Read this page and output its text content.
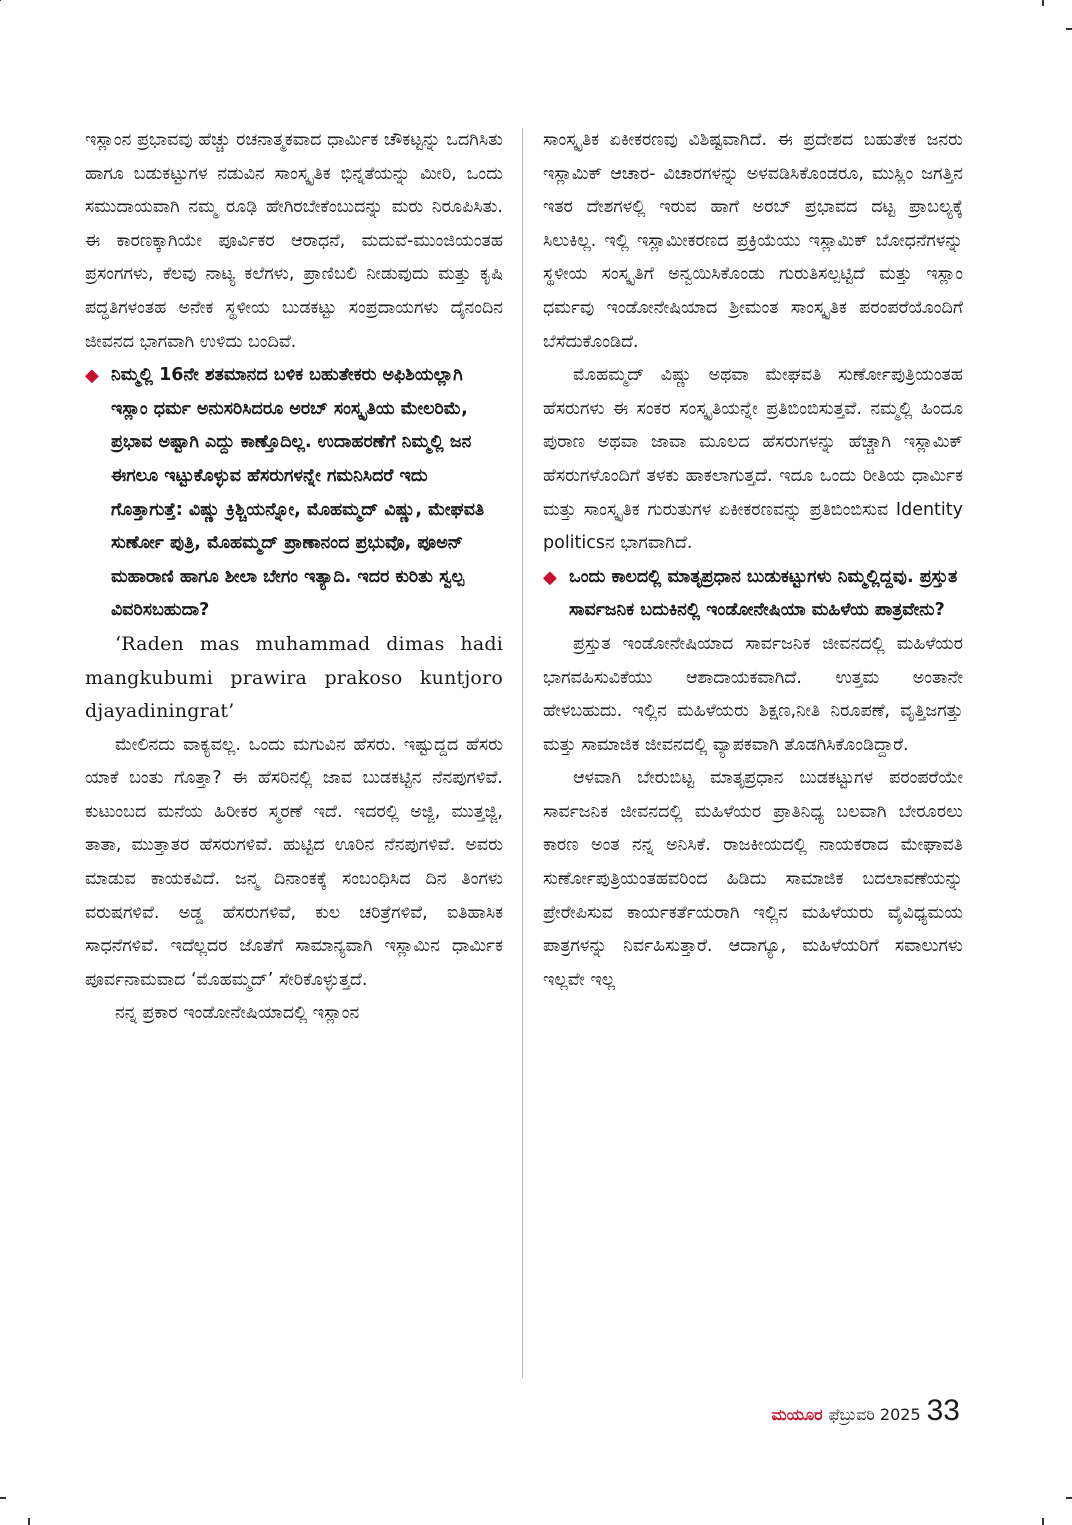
ಇಸ್ಲಾಂನ ಪ್ರಭಾವವು ಹೆಚ್ಚು ರಚನಾತ್ಮಕವಾದ ಧಾರ್ಮಿಕ ಚೌಕಟ್ಟನ್ನು ಒದಗಿಸಿತು ಹಾಗೂ ಬಡುಕಟ್ಟುಗಳ ನಡುವಿನ ಸಾಂಸ್ಕೃತಿಕ ಭಿನ್ನತೆಯನ್ನು ಮೀರಿ, ಒಂದು ಸಮುದಾಯವಾಗಿ ನಮ್ಮ ರೂಢಿ ಹೇಗಿರಬೇಕೆಂಬುದನ್ನು ಮರು ನಿರೂಪಿಸಿತು. ಈ ಕಾರಣಕ್ಕಾಗಿಯೇ ಪೂರ್ವಿಕರ ಆರಾಧನೆ, ಮದುವೆ-ಮುಂಜಿಯಂತಹ ಪ್ರಸಂಗಗಳು, ಕೆಲವು ನಾಟ್ಯ ಕಲೆಗಳು, ಪ್ರಾಣಿಬಲಿ ನೀಡುವುದು ಮತ್ತು ಕೃಷಿ ಪದ್ಧತಿಗಳಂತಹ ಅನೇಕ ಸ್ಥಳೀಯ ಬುಡಕಟ್ಟು ಸಂಪ್ರದಾಯಗಳು ದೈನಂದಿನ ಜೀವನದ ಭಾಗವಾಗಿ ಉಳಿದು ಬಂದಿವೆ.

◆ ನಿಮ್ಮಲ್ಲಿ 16ನೇ ಶತಮಾನದ ಬಳಿಕ ಬಹುತೇಕರು ಅಫಿಶಿಯಲ್ಲಾಗಿ ಇಸ್ಲಾಂ ಧರ್ಮ ಅನುಸರಿಸಿದರೂ ಅರಬ್ ಸಂಸ್ಕೃತಿಯ ಮೇಲರಿಮೆ, ಪ್ರಭಾವ ಅಷ್ಟಾಗಿ ಎದ್ದು ಕಾಣ್ತೊದಿಲ್ಲ. ಉದಾಹರಣೆಗೆ ನಿಮ್ಮಲ್ಲಿ ಜನ ಈಗಲೂ ಇಟ್ಟುಕೊಳ್ಳುವ ಹೆಸರುಗಳನ್ನೇ ಗಮನಿಸಿದರೆ ಇದು ಗೊತ್ತಾಗುತ್ತೆ: ವಿಷ್ಣು ಕ್ರಿಶ್ಚಿಯನ್ನೋ, ಮೊಹಮ್ಮದ್ ವಿಷ್ಣು, ಮೇಘವತಿ ಸುರ್ಣೋ ಪುತ್ರಿ, ಮೊಹಮ್ಮದ್ ಪ್ರಾಣಾನಂದ ಪ್ರಭುವೊ, ಪೂಅನ್ ಮಹಾರಾಣಿ ಹಾಗೂ ಶೀಲಾ ಬೇಗಂ ಇತ್ಯಾದಿ. ಇದರ ಕುರಿತು ಸ್ವಲ್ಪ ವಿವರಿಸಬಹುದಾ?

‘Raden mas muhammad dimas hadi mangkubumi prawira prakoso kuntjoro djayadiningrat’

ಮೇಲಿನದು ವಾಕ್ಯವಲ್ಲ. ಒಂದು ಮಗುವಿನ ಹೆಸರು. ಇಷ್ಟುದ್ದದ ಹೆಸರು ಯಾಕೆ ಬಂತು ಗೊತ್ತಾ? ಈ ಹೆಸರಿನಲ್ಲಿ ಜಾವ ಬುಡಕಟ್ಟಿನ ನೆನಪುಗಳಿವೆ. ಕುಟುಂಬದ ಮನೆಯ ಹಿರೀಕರ ಸ್ಮರಣೆ ಇದೆ. ಇದರಲ್ಲಿ ಅಜ್ಜಿ, ಮುತ್ತಜ್ಜಿ, ತಾತಾ, ಮುತ್ತಾತರ ಹೆಸರುಗಳಿವೆ. ಹುಟ್ಟಿದ ಊರಿನ ನೆನಪುಗಳಿವೆ. ಅವರು ಮಾಡುವ ಕಾಯಕವಿದೆ. ಜನ್ಮ ದಿನಾಂಕಕ್ಕೆ ಸಂಬಂಧಿಸಿದ ದಿನ ತಿಂಗಳು ವರುಷಗಳಿವೆ. ಅಡ್ಡ ಹೆಸರುಗಳಿವೆ, ಕುಲ ಚರಿತ್ರೆಗಳಿವೆ, ಐತಿಹಾಸಿಕ ಸಾಧನೆಗಳಿವೆ. ಇದೆಲ್ಲದರ ಜೊತೆಗೆ ಸಾಮಾನ್ಯವಾಗಿ ಇಸ್ಲಾಮಿನ ಧಾರ್ಮಿಕ ಪೂರ್ವನಾಮವಾದ ‘ಮೊಹಮ್ಮದ್’ ಸೇರಿಕೊಳ್ಳುತ್ತದೆ.

ನನ್ನ ಪ್ರಕಾರ ಇಂಡೋನೇಷಿಯಾದಲ್ಲಿ ಇಸ್ಲಾಂನ

ಸಾಂಸ್ಕೃತಿಕ ಏಕೀಕರಣವು ವಿಶಿಷ್ಟವಾಗಿದೆ. ಈ ಪ್ರದೇಶದ ಬಹುತೇಕ ಜನರು ಇಸ್ಲಾಮಿಕ್ ಆಚಾರ- ವಿಚಾರಗಳನ್ನು ಅಳವಡಿಸಿಕೊಂಡರೂ, ಮುಸ್ಲಿಂ ಜಗತ್ತಿನ ಇತರ ದೇಶಗಳಲ್ಲಿ ಇರುವ ಹಾಗೆ ಅರಬ್ ಪ್ರಭಾವದ ದಟ್ಟ ಪ್ರಾಬಲ್ಯಕ್ಕೆ ಸಿಲುಕಿಲ್ಲ. ಇಲ್ಲಿ ಇಸ್ಲಾಮೀಕರಣದ ಪ್ರಕ್ರಿಯೆಯು ಇಸ್ಲಾಮಿಕ್ ಬೋಧನೆಗಳನ್ನು ಸ್ಥಳೀಯ ಸಂಸ್ಕೃತಿಗೆ ಅನ್ವಯಿಸಿಕೊಂಡು ಗುರುತಿಸಲ್ಪಟ್ಟಿದೆ ಮತ್ತು ಇಸ್ಲಾಂ ಧರ್ಮವು ಇಂಡೋನೇಷಿಯಾದ ಶ್ರೀಮಂತ ಸಾಂಸ್ಕೃತಿಕ ಪರಂಪರೆಯೊಂದಿಗೆ ಬೆಸೆದುಕೊಂಡಿದೆ.

ಮೊಹಮ್ಮದ್ ವಿಷ್ಣು ಅಥವಾ ಮೇಘವತಿ ಸುರ್ಣೋಪುತ್ರಿಯಂತಹ ಹೆಸರುಗಳು ಈ ಸಂಕರ ಸಂಸ್ಕೃತಿಯನ್ನೇ ಪ್ರತಿಬಿಂಬಿಸುತ್ತವೆ. ನಮ್ಮಲ್ಲಿ ಹಿಂದೂ ಪುರಾಣ ಅಥವಾ ಜಾವಾ ಮೂಲದ ಹೆಸರುಗಳನ್ನು ಹೆಚ್ಚಾಗಿ ಇಸ್ಲಾಮಿಕ್ ಹೆಸರುಗಳೊಂದಿಗೆ ತಳಕು ಹಾಕಲಾಗುತ್ತದೆ. ಇದೂ ಒಂದು ರೀತಿಯ ಧಾರ್ಮಿಕ ಮತ್ತು ಸಾಂಸ್ಕೃತಿಕ ಗುರುತುಗಳ ಏಕೀಕರಣವನ್ನು ಪ್ರತಿಬಿಂಬಿಸುವ Identity politicsನ ಭಾಗವಾಗಿದೆ.

◆ ಒಂದು ಕಾಲದಲ್ಲಿ ಮಾತೃಪ್ರಧಾನ ಬುಡುಕಟ್ಟುಗಳು ನಿಮ್ಮಲ್ಲಿದ್ದವು. ಪ್ರಸ್ತುತ ಸಾರ್ವಜನಿಕ ಬದುಕಿನಲ್ಲಿ ಇಂಡೋನೇಷಿಯಾ ಮಹಿಳೆಯ ಪಾತ್ರವೇನು?

ಪ್ರಸ್ತುತ ಇಂಡೋನೇಷಿಯಾದ ಸಾರ್ವಜನಿಕ ಜೀವನದಲ್ಲಿ ಮಹಿಳೆಯರ ಭಾಗವಹಿಸುವಿಕೆಯು ಆಶಾದಾಯಕವಾಗಿದೆ. ಉತ್ತಮ ಅಂತಾನೇ ಹೇಳಬಹುದು. ಇಲ್ಲಿನ ಮಹಿಳೆಯರು ಶಿಕ್ಷಣ,ನೀತಿ ನಿರೂಪಣೆ, ವೃತ್ತಿಜಗತ್ತು ಮತ್ತು ಸಾಮಾಜಿಕ ಜೀವನದಲ್ಲಿ ವ್ಯಾಪಕವಾಗಿ ತೊಡಗಿಸಿಕೊಂಡಿದ್ದಾರೆ.

ಆಳವಾಗಿ ಬೇರುಬಿಟ್ಟ ಮಾತೃಪ್ರಧಾನ ಬುಡಕಟ್ಟುಗಳ ಪರಂಪರೆಯೇ ಸಾರ್ವಜನಿಕ ಜೀವನದಲ್ಲಿ ಮಹಿಳೆಯರ ಪ್ರಾತಿನಿಧ್ಯ ಬಲವಾಗಿ ಬೇರೂರಲು ಕಾರಣ ಅಂತ ನನ್ನ ಅನಿಸಿಕೆ. ರಾಜಕೀಯದಲ್ಲಿ ನಾಯಕರಾದ ಮೇಘಾವತಿ ಸುರ್ಣೋಪುತ್ರಿಯಂತಹವರಿಂದ ಹಿಡಿದು ಸಾಮಾಜಿಕ ಬದಲಾವಣೆಯನ್ನು ಪ್ರೇರೇಪಿಸುವ ಕಾರ್ಯಕರ್ತೆಯರಾಗಿ ಇಲ್ಲಿನ ಮಹಿಳೆಯರು ವೈವಿಧ್ಯಮಯ ಪಾತ್ರಗಳನ್ನು ನಿರ್ವಹಿಸುತ್ತಾರೆ. ಆದಾಗ್ಯೂ, ಮಹಿಳೆಯರಿಗೆ ಸವಾಲುಗಳು ಇಲ್ಲವೇ ಇಲ್ಲ

ಮಯೂರ ಫೆಬ್ರುವರಿ 2025 33
